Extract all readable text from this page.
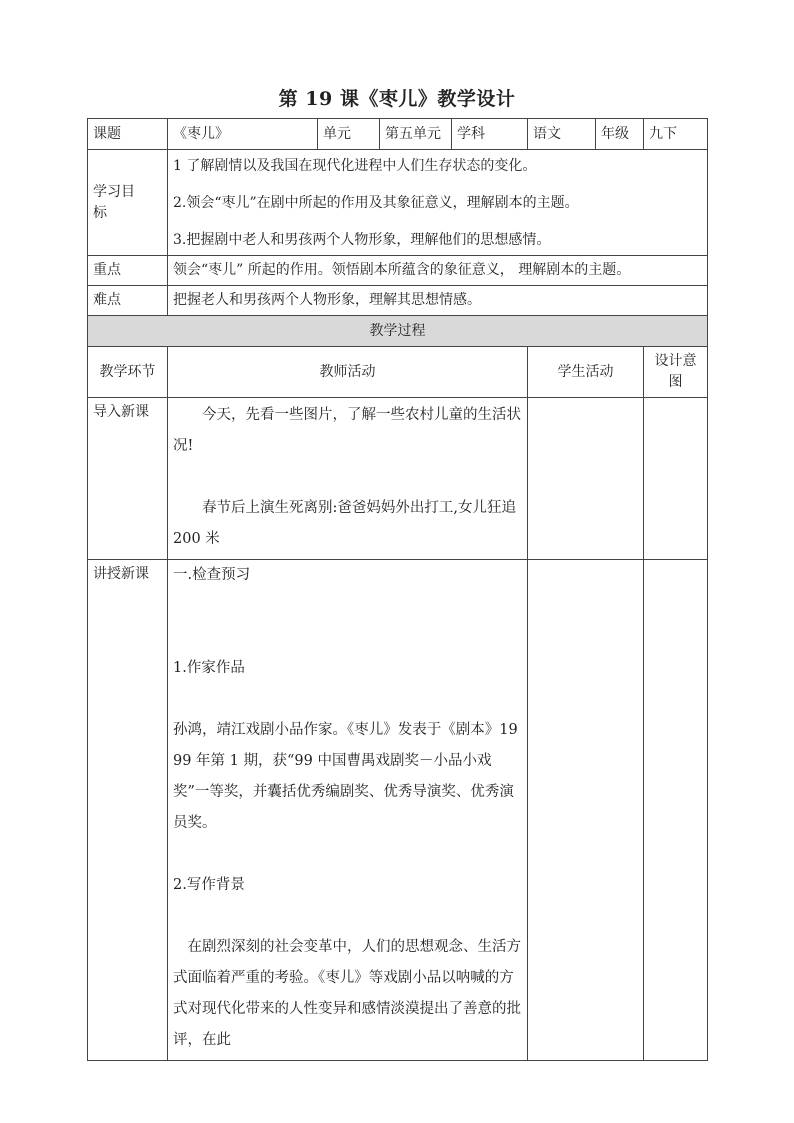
第 19 课《枣儿》教学设计
课题	《枣儿》	单元	第五单元	学科	语文	年级	九下
学习目标	1 了解剧情以及我国在现代化进程中人们生存状态的变化。

2.领会“枣儿”在剧中所起的作用及其象征意义，理解剧本的主题。

3.把握剧中老人和男孩两个人物形象，理解他们的思想感情。						

重点	领会“枣儿” 所起的作用。领悟剧本所蕴含的象征意义， 理解剧本的主题。						
难点	把握老人和男孩两个人物形象，理解其思想情感。						
教学过程							
教学环节	教师活动				学生活动		设计意图
导入新课	今天，先看一些图片，了解一些农村儿童的生活状况!

春节后上演生死离别:爸爸妈妈外出打工,女儿狂追 200 米						

讲授新课	一.检查预习

1.作家作品

孙鸿，靖江戏剧小品作家。《枣儿》发表于《剧本》1999 年第 1 期，获“99 中国曹禺戏剧奖－小品小戏奖”一等奖，并囊括优秀编剧奖、优秀导演奖、优秀演员奖。

2.写作背景

在剧烈深刻的社会变革中，人们的思想观念、生活方式面临着严重的考验。《枣儿》等戏剧小品以呐喊的方式对现代化带来的人性变异和感情淡漠提出了善意的批评，在此						
